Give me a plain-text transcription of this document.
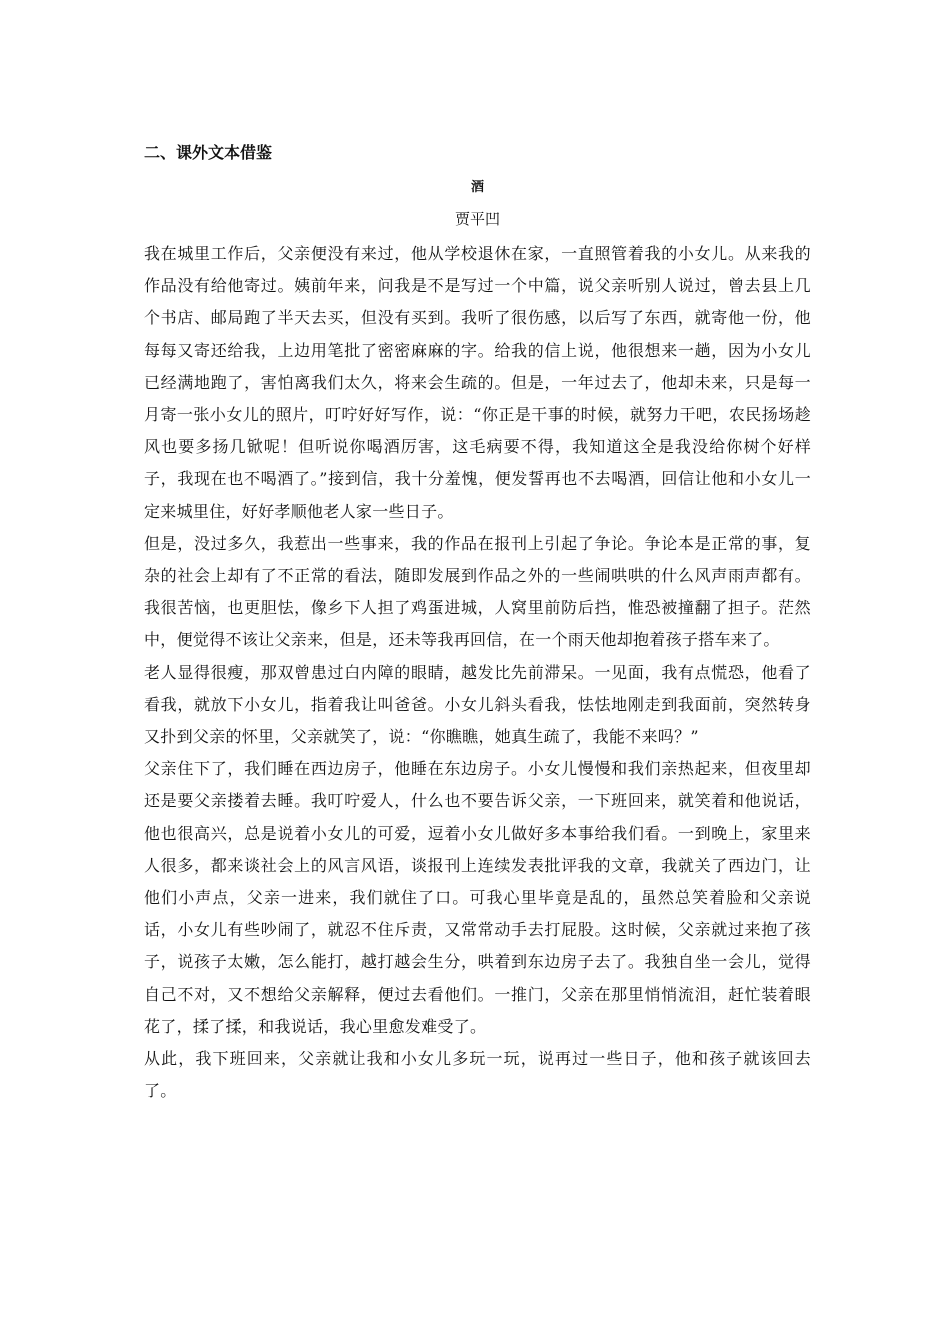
二、课外文本借鉴
酒
贾平凹

我在城里工作后，父亲便没有来过，他从学校退休在家，一直照管着我的小女儿。从来我的作品没有给他寄过。姨前年来，问我是不是写过一个中篇，说父亲听别人说过，曾去县上几个书店、邮局跑了半天去买，但没有买到。我听了很伤感，以后写了东西，就寄他一份，他每每又寄还给我，上边用笔批了密密麻麻的字。给我的信上说，他很想来一趟，因为小女儿已经满地跑了，害怕离我们太久，将来会生疏的。但是，一年过去了，他却未来，只是每一月寄一张小女儿的照片，叮咛好好写作，说：“你正是干事的时候，就努力干吧，农民扬场趁风也要多扬几锨呢！但听说你喝酒厉害，这毛病要不得，我知道这全是我没给你树个好样子，我现在也不喝酒了。”接到信，我十分羞愧，便发誓再也不去喝酒，回信让他和小女儿一定来城里住，好好孝顺他老人家一些日子。

但是，没过多久，我惹出一些事来，我的作品在报刊上引起了争论。争论本是正常的事，复杂的社会上却有了不正常的看法，随即发展到作品之外的一些闹哄哄的什么风声雨声都有。我很苦恼，也更胆怯，像乡下人担了鸡蛋进城，人窝里前防后挡，惟恐被撞翻了担子。茫然中，便觉得不该让父亲来，但是，还未等我再回信，在一个雨天他却抱着孩子搭车来了。

老人显得很瘦，那双曾患过白内障的眼睛，越发比先前滞呆。一见面，我有点慌恐，他看了看我，就放下小女儿，指着我让叫爸爸。小女儿斜头看我，怯怯地刚走到我面前，突然转身又扑到父亲的怀里，父亲就笑了，说：“你瞧瞧，她真生疏了，我能不来吗？”

父亲住下了，我们睡在西边房子，他睡在东边房子。小女儿慢慢和我们亲热起来，但夜里却还是要父亲搂着去睡。我叮咛爱人，什么也不要告诉父亲，一下班回来，就笑着和他说话，他也很高兴，总是说着小女儿的可爱，逗着小女儿做好多本事给我们看。一到晚上，家里来人很多，都来谈社会上的风言风语，谈报刊上连续发表批评我的文章，我就关了西边门，让他们小声点，父亲一进来，我们就住了口。可我心里毕竟是乱的，虽然总笑着脸和父亲说话，小女儿有些吵闹了，就忍不住斥责，又常常动手去打屁股。这时候，父亲就过来抱了孩子，说孩子太嫩，怎么能打，越打越会生分，哄着到东边房子去了。我独自坐一会儿，觉得自己不对，又不想给父亲解释，便过去看他们。一推门，父亲在那里悄悄流泪，赶忙装着眼花了，揉了揉，和我说话，我心里愈发难受了。

从此，我下班回来，父亲就让我和小女儿多玩一玩，说再过一些日子，他和孩子就该回去了。
